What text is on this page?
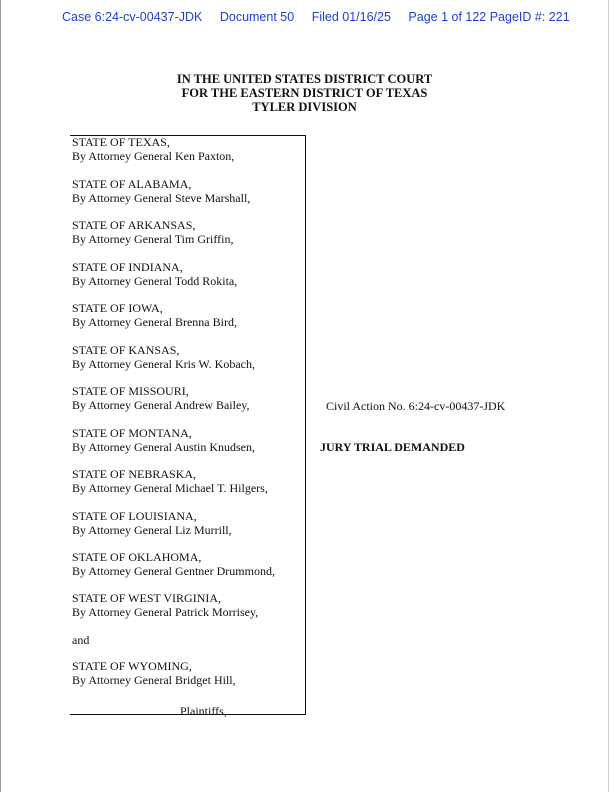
Case 6:24-cv-00437-JDK Document 50 Filed 01/16/25 Page 1 of 122 PageID #: 221
IN THE UNITED STATES DISTRICT COURT
FOR THE EASTERN DISTRICT OF TEXAS
TYLER DIVISION
STATE OF TEXAS,
By Attorney General Ken Paxton,
STATE OF ALABAMA,
By Attorney General Steve Marshall,
STATE OF ARKANSAS,
By Attorney General Tim Griffin,
STATE OF INDIANA,
By Attorney General Todd Rokita,
STATE OF IOWA,
By Attorney General Brenna Bird,
STATE OF KANSAS,
By Attorney General Kris W. Kobach,
STATE OF MISSOURI,
By Attorney General Andrew Bailey,
STATE OF MONTANA,
By Attorney General Austin Knudsen,
STATE OF NEBRASKA,
By Attorney General Michael T. Hilgers,
STATE OF LOUISIANA,
By Attorney General Liz Murrill,
STATE OF OKLAHOMA,
By Attorney General Gentner Drummond,
STATE OF WEST VIRGINIA,
By Attorney General Patrick Morrisey,
and
STATE OF WYOMING,
By Attorney General Bridget Hill,
Plaintiffs,
Civil Action No. 6:24-cv-00437-JDK
JURY TRIAL DEMANDED
